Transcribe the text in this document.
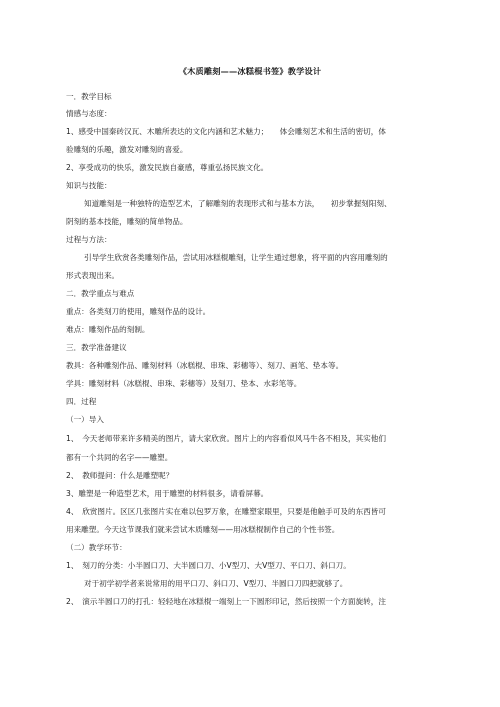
《木质雕刻——冰糕棍书签》教学设计
一．教学目标
情感与态度：
1、感受中国秦砖汉瓦、木雕所表达的文化内涵和艺术魅力；　　体会雕刻艺术和生活的密切，体
验雕刻的乐趣，激发对雕刻的喜爱。
2、享受成功的快乐，激发民族自豪感，尊重弘扬民族文化。
知识与技能：
知道雕刻是一种独特的造型艺术，了解雕刻的表现形式和与基本方法，　　初步掌握刻阳刻、
阴刻的基本技能，雕刻的简单物品。
过程与方法：
引导学生欣赏各类雕刻作品，尝试用冰糕棍雕刻，让学生通过想象，将平面的内容用雕刻的
形式表现出来。
二．教学重点与难点
重点：各类刻刀的使用，雕刻作品的设计。
难点：雕刻作品的刻制。
三．教学准备建议
教具：各种雕刻作品、雕刻材料（冰糕棍、串珠、彩穗等）、刻刀、画笔、垫本等。
学具：雕刻材料（冰糕棍、串珠、彩穗等）及刻刀、垫本、水彩笔等。
四．过程
（一）导入
1、　今天老师带来许多精美的图片，请大家欣赏。图片上的内容看似风马牛各不相及，其实他们
都有一个共同的名字——雕塑。
2、　教师提问：什么是雕塑呢？
3、雕塑是一种造型艺术，用于雕塑的材料很多，请看屏幕。
4、　欣赏图片。区区几张图片实在难以包罗万象，在雕塑家眼里，只要是他触手可及的东西皆可
用来雕塑。今天这节课我们就来尝试木质雕刻——用冰糕棍制作自己的个性书签。
（二）教学环节：
1、　刻刀的分类：小半圆口刀、大半圆口刀、小Ⅴ型刀、大Ⅴ型刀、平口刀、斜口刀。
对于初学初学者来说常用的用平口刀、斜口刀、Ⅴ型刀、半圆口刀四把就够了。
2、　演示半圆口刀的打孔：轻轻地在冰糕棍一端刻上一下圆形印记，然后按照一个方面旋转，注
